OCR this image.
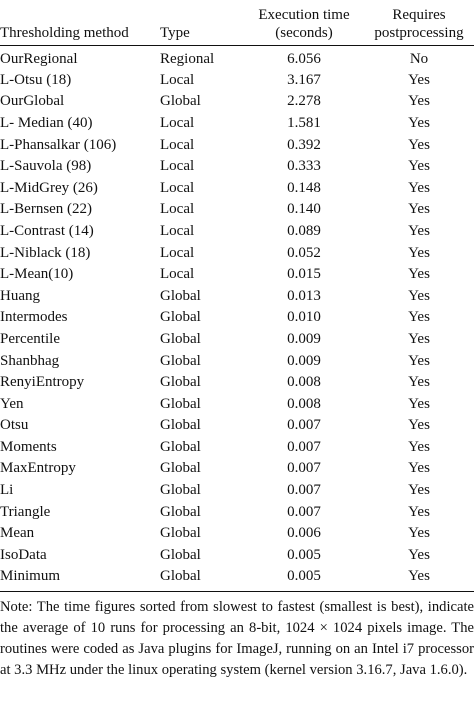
Thresholding method	Type	Execution time (seconds)	Requires postprocessing
OurRegional	Regional	6.056	No
L-Otsu (18)	Local	3.167	Yes
OurGlobal	Global	2.278	Yes
L- Median (40)	Local	1.581	Yes
L-Phansalkar (106)	Local	0.392	Yes
L-Sauvola (98)	Local	0.333	Yes
L-MidGrey (26)	Local	0.148	Yes
L-Bernsen (22)	Local	0.140	Yes
L-Contrast (14)	Local	0.089	Yes
L-Niblack (18)	Local	0.052	Yes
L-Mean(10)	Local	0.015	Yes
Huang	Global	0.013	Yes
Intermodes	Global	0.010	Yes
Percentile	Global	0.009	Yes
Shanbhag	Global	0.009	Yes
RenyiEntropy	Global	0.008	Yes
Yen	Global	0.008	Yes
Otsu	Global	0.007	Yes
Moments	Global	0.007	Yes
MaxEntropy	Global	0.007	Yes
Li	Global	0.007	Yes
Triangle	Global	0.007	Yes
Mean	Global	0.006	Yes
IsoData	Global	0.005	Yes
Minimum	Global	0.005	Yes

Note: The time figures sorted from slowest to fastest (smallest is best), indicate the average of 10 runs for processing an 8-bit, 1024 × 1024 pixels image. The routines were coded as Java plugins for ImageJ, running on an Intel i7 processor at 3.3 MHz under the linux operating system (kernel version 3.16.7, Java 1.6.0).
